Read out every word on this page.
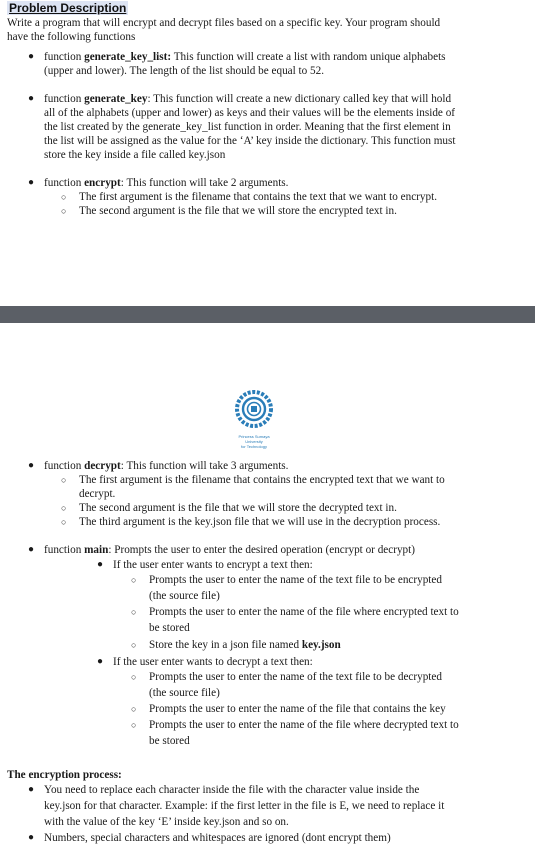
Problem Description
Write a program that will encrypt and decrypt files based on a specific key. Your program should
have the following functions
● function generate_key_list: This function will create a list with random unique alphabets
(upper and lower). The length of the list should be equal to 52.
● function generate_key: This function will create a new dictionary called key that will hold
all of the alphabets (upper and lower) as keys and their values will be the elements inside of
the list created by the generate_key_list function in order. Meaning that the first element in
the list will be assigned as the value for the ‘A’ key inside the dictionary. This function must
store the key inside a file called key.json
● function encrypt: This function will take 2 arguments.
○ The first argument is the filename that contains the text that we want to encrypt.
○ The second argument is the file that we will store the encrypted text in.
Princess Sumaya
University
for Technology
● function decrypt: This function will take 3 arguments.
○ The first argument is the filename that contains the encrypted text that we want to
decrypt.
○ The second argument is the file that we will store the decrypted text in.
○ The third argument is the key.json file that we will use in the decryption process.
● function main: Prompts the user to enter the desired operation (encrypt or decrypt)
● If the user enter wants to encrypt a text then:
○ Prompts the user to enter the name of the text file to be encrypted
(the source file)
○ Prompts the user to enter the name of the file where encrypted text to
be stored
○ Store the key in a json file named key.json
● If the user enter wants to decrypt a text then:
○ Prompts the user to enter the name of the text file to be decrypted
(the source file)
○ Prompts the user to enter the name of the file that contains the key
○ Prompts the user to enter the name of the file where decrypted text to
be stored
The encryption process:
● You need to replace each character inside the file with the character value inside the
key.json for that character. Example: if the first letter in the file is E, we need to replace it
with the value of the key ‘E’ inside key.json and so on.
● Numbers, special characters and whitespaces are ignored (dont encrypt them)
